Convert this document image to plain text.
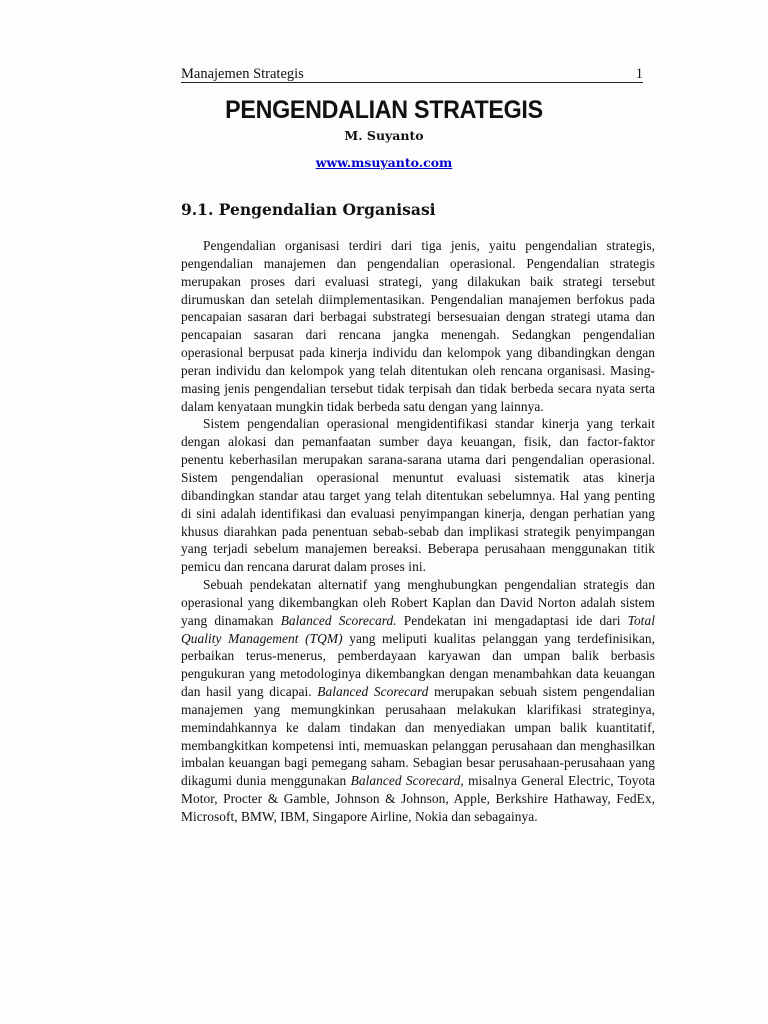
Manajemen Strategis	1
PENGENDALIAN STRATEGIS
M. Suyanto
www.msuyanto.com
9.1. Pengendalian Organisasi

Pengendalian organisasi terdiri dari tiga jenis, yaitu pengendalian strategis, pengendalian manajemen dan pengendalian operasional. Pengendalian strategis merupakan proses dari evaluasi strategi, yang dilakukan baik strategi tersebut dirumuskan dan setelah diimplementasikan. Pengendalian manajemen berfokus pada pencapaian sasaran dari berbagai substrategi bersesuaian dengan strategi utama dan pencapaian sasaran dari rencana jangka menengah. Sedangkan pengendalian operasional berpusat pada kinerja individu dan kelompok yang dibandingkan dengan peran individu dan kelompok yang telah ditentukan oleh rencana organisasi. Masing-masing jenis pengendalian tersebut tidak terpisah dan tidak berbeda secara nyata serta dalam kenyataan mungkin tidak berbeda satu dengan yang lainnya.

Sistem pengendalian operasional mengidentifikasi standar kinerja yang terkait dengan alokasi dan pemanfaatan sumber daya keuangan, fisik, dan factor-faktor penentu keberhasilan merupakan sarana-sarana utama dari pengendalian operasional. Sistem pengendalian operasional menuntut evaluasi sistematik atas kinerja dibandingkan standar atau target yang telah ditentukan sebelumnya. Hal yang penting di sini adalah identifikasi dan evaluasi penyimpangan kinerja, dengan perhatian yang khusus diarahkan pada penentuan sebab-sebab dan implikasi strategik penyimpangan yang terjadi sebelum manajemen bereaksi. Beberapa perusahaan menggunakan titik pemicu dan rencana darurat dalam proses ini.

Sebuah pendekatan alternatif yang menghubungkan pengendalian strategis dan operasional yang dikembangkan oleh Robert Kaplan dan David Norton adalah sistem yang dinamakan Balanced Scorecard. Pendekatan ini mengadaptasi ide dari Total Quality Management (TQM) yang meliputi kualitas pelanggan yang terdefinisikan, perbaikan terus-menerus, pemberdayaan karyawan dan umpan balik berbasis pengukuran yang metodologinya dikembangkan dengan menambahkan data keuangan dan hasil yang dicapai. Balanced Scorecard merupakan sebuah sistem pengendalian manajemen yang memungkinkan perusahaan melakukan klarifikasi strateginya, memindahkannya ke dalam tindakan dan menyediakan umpan balik kuantitatif, membangkitkan kompetensi inti, memuaskan pelanggan perusahaan dan menghasilkan imbalan keuangan bagi pemegang saham. Sebagian besar perusahaan-perusahaan yang dikagumi dunia menggunakan Balanced Scorecard, misalnya General Electric, Toyota Motor, Procter & Gamble, Johnson & Johnson, Apple, Berkshire Hathaway, FedEx, Microsoft, BMW, IBM, Singapore Airline, Nokia dan sebagainya.
